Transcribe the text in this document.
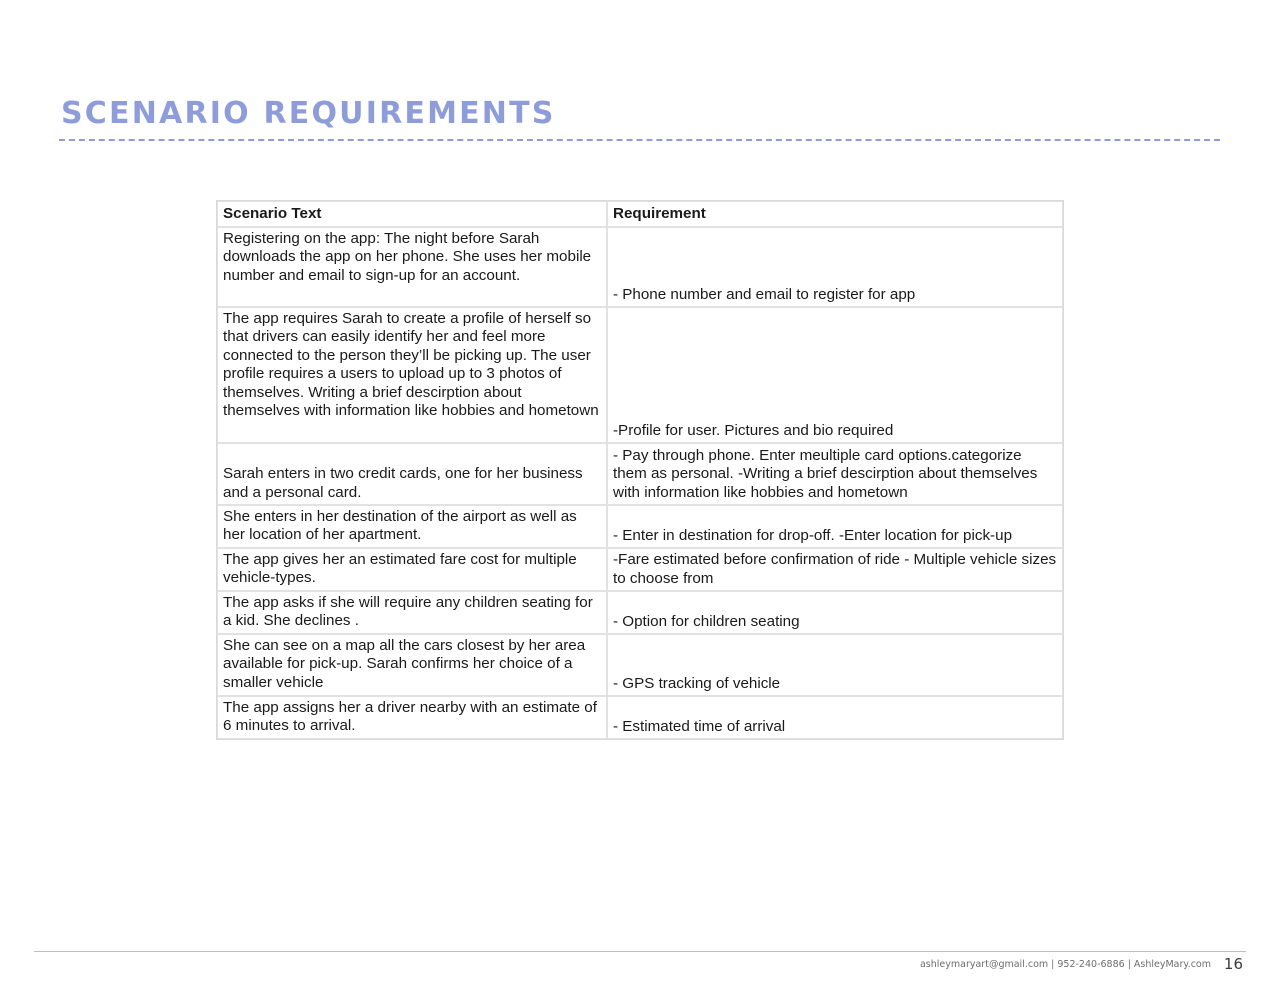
SCENARIO REQUIREMENTS
Scenario Text	Requirement
Registering on the app: The night before Sarah downloads the app on her phone. She uses her mobile number and email to sign-up for an account.	- Phone number and email to register for app
The app requires Sarah to create a profile of herself so that drivers can easily identify her and feel more connected to the person they’ll be picking up. The user profile requires a users to upload up to 3 photos of themselves. Writing a brief descirption about themselves with information like hobbies and hometown	-Profile for user. Pictures and bio required
Sarah enters in two credit cards, one for her business and a personal card.	- Pay through phone. Enter meultiple card options.categorize them as personal. -Writing a brief descirption about themselves with information like hobbies and hometown
She enters in her destination of the airport as well as her location of her apartment.	- Enter in destination for drop-off. -Enter location for pick-up
The app gives her an estimated fare cost for multiple vehicle-types.	-Fare estimated before confirmation of ride - Multiple vehicle sizes to choose from
The app asks if she will require any children seating for a kid. She declines .	- Option for children seating
She can see on a map all the cars closest by her area available for pick-up. Sarah confirms her choice of a smaller vehicle	- GPS tracking of vehicle
The app assigns her a driver nearby with an estimate of 6 minutes to arrival.	- Estimated time of arrival
ashleymaryart@gmail.com | 952-240-6886 | AshleyMary.com 16
